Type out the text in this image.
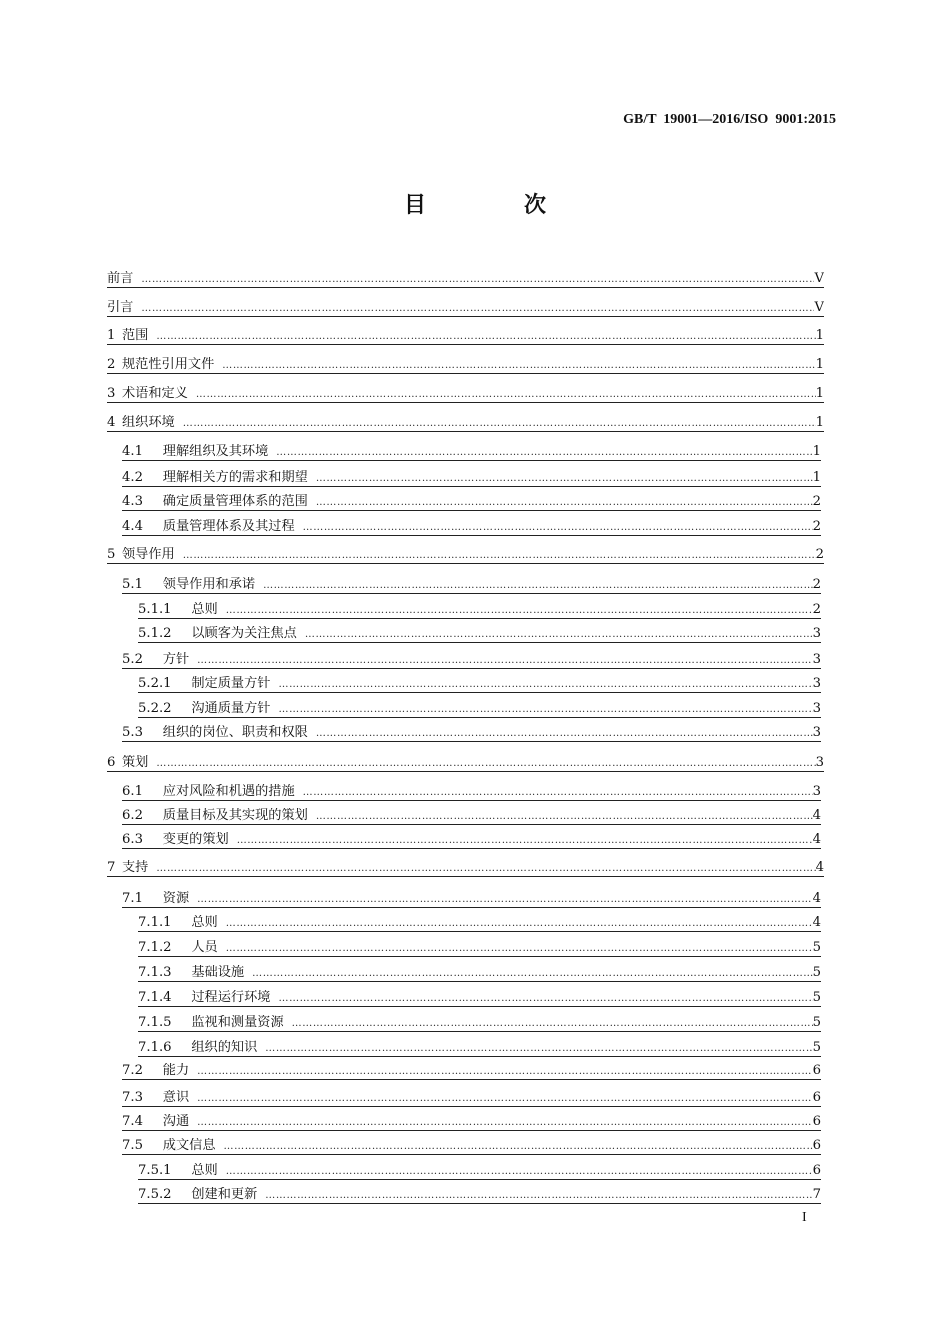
GB/T  19001—2016/ISO  9001:2015
目　次
前言 ………………………………………………………………………………………………………………………………………………………………………………………………………………………………………………	V
引言 ………………………………………………………………………………………………………………………………………………………………………………………………………………………………………………	V
1 范围 ………………………………………………………………………………………………………………………………………………………………………………………………………………………………………………	1
2 规范性引用文件 ………………………………………………………………………………………………………………………………………………………………………………………………………………………………………………	1
3 术语和定义 ………………………………………………………………………………………………………………………………………………………………………………………………………………………………………………	1
4 组织环境 ………………………………………………………………………………………………………………………………………………………………………………………………………………………………………………	1
4.1  理解组织及其环境 ………………………………………………………………………………………………………………………………………………………………………………………………………………………………………………	1
4.2  理解相关方的需求和期望 ………………………………………………………………………………………………………………………………………………………………………………………………………………………………………………	1
4.3  确定质量管理体系的范围 ………………………………………………………………………………………………………………………………………………………………………………………………………………………………………………	2
4.4  质量管理体系及其过程 ………………………………………………………………………………………………………………………………………………………………………………………………………………………………………………	2
5 领导作用 ………………………………………………………………………………………………………………………………………………………………………………………………………………………………………………	2
5.1  领导作用和承诺 ………………………………………………………………………………………………………………………………………………………………………………………………………………………………………………	2
5.1.1  总则 ………………………………………………………………………………………………………………………………………………………………………………………………………………………………………………	2
5.1.2  以顾客为关注焦点 ………………………………………………………………………………………………………………………………………………………………………………………………………………………………………………	3
5.2  方针 ………………………………………………………………………………………………………………………………………………………………………………………………………………………………………………	3
5.2.1  制定质量方针 ………………………………………………………………………………………………………………………………………………………………………………………………………………………………………………	3
5.2.2  沟通质量方针 ………………………………………………………………………………………………………………………………………………………………………………………………………………………………………………	3
5.3  组织的岗位、职责和权限 ………………………………………………………………………………………………………………………………………………………………………………………………………………………………………………	3
6 策划 ………………………………………………………………………………………………………………………………………………………………………………………………………………………………………………	3
6.1  应对风险和机遇的措施 ………………………………………………………………………………………………………………………………………………………………………………………………………………………………………………	3
6.2  质量目标及其实现的策划 ………………………………………………………………………………………………………………………………………………………………………………………………………………………………………………	4
6.3  变更的策划 ………………………………………………………………………………………………………………………………………………………………………………………………………………………………………………	4
7 支持 ………………………………………………………………………………………………………………………………………………………………………………………………………………………………………………	4
7.1  资源 ………………………………………………………………………………………………………………………………………………………………………………………………………………………………………………	4
7.1.1  总则 ………………………………………………………………………………………………………………………………………………………………………………………………………………………………………………	4
7.1.2  人员 ………………………………………………………………………………………………………………………………………………………………………………………………………………………………………………	5
7.1.3  基础设施 ………………………………………………………………………………………………………………………………………………………………………………………………………………………………………………	5
7.1.4  过程运行环境 ………………………………………………………………………………………………………………………………………………………………………………………………………………………………………………	5
7.1.5  监视和测量资源 ………………………………………………………………………………………………………………………………………………………………………………………………………………………………………………	5
7.1.6  组织的知识 ………………………………………………………………………………………………………………………………………………………………………………………………………………………………………………	5
7.2  能力 ………………………………………………………………………………………………………………………………………………………………………………………………………………………………………………	6
7.3  意识 ………………………………………………………………………………………………………………………………………………………………………………………………………………………………………………	6
7.4  沟通 ………………………………………………………………………………………………………………………………………………………………………………………………………………………………………………	6
7.5  成文信息 ………………………………………………………………………………………………………………………………………………………………………………………………………………………………………………	6
7.5.1  总则 ………………………………………………………………………………………………………………………………………………………………………………………………………………………………………………	6
7.5.2  创建和更新 ………………………………………………………………………………………………………………………………………………………………………………………………………………………………………………	7
I
